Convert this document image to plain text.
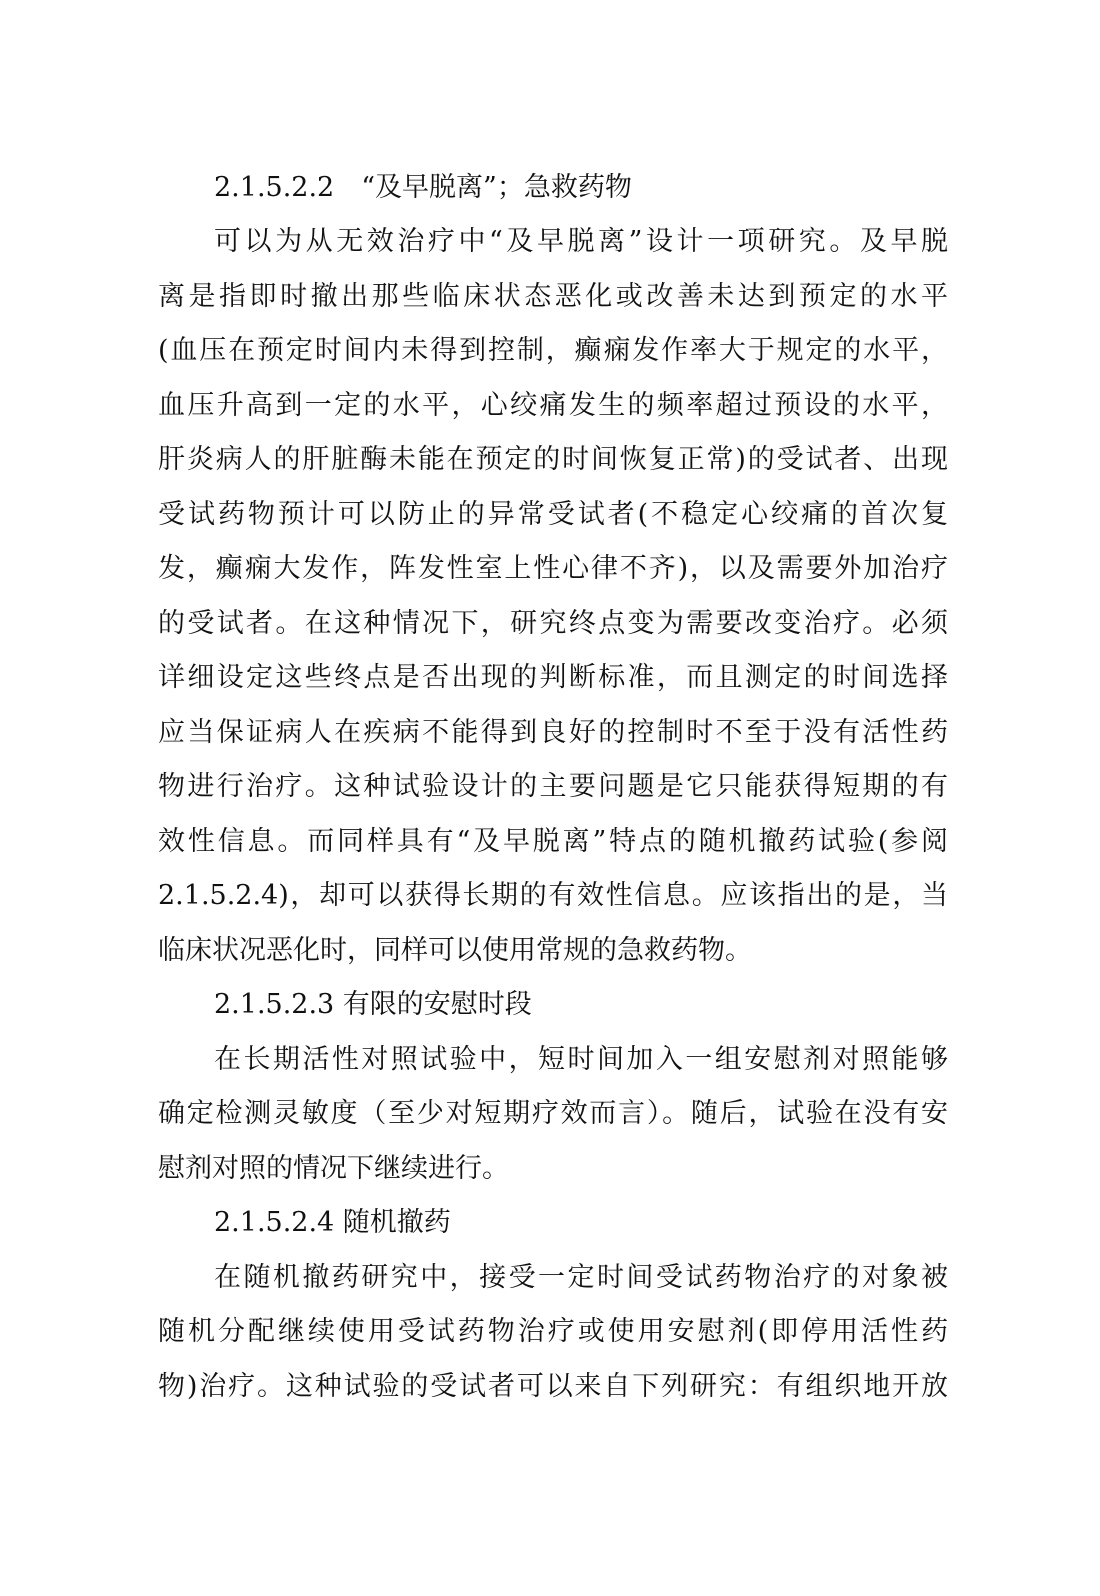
2.1.5.2.2　“及早脱离”；急救药物
可以为从无效治疗中“及早脱离”设计一项研究。及早脱
离是指即时撤出那些临床状态恶化或改善未达到预定的水平
(血压在预定时间内未得到控制，癫痫发作率大于规定的水平，
血压升高到一定的水平，心绞痛发生的频率超过预设的水平，
肝炎病人的肝脏酶未能在预定的时间恢复正常)的受试者、出现
受试药物预计可以防止的异常受试者(不稳定心绞痛的首次复
发，癫痫大发作，阵发性室上性心律不齐)，以及需要外加治疗
的受试者。在这种情况下，研究终点变为需要改变治疗。必须
详细设定这些终点是否出现的判断标准，而且测定的时间选择
应当保证病人在疾病不能得到良好的控制时不至于没有活性药
物进行治疗。这种试验设计的主要问题是它只能获得短期的有
效性信息。而同样具有“及早脱离”特点的随机撤药试验(参阅
2.1.5.2.4)，却可以获得长期的有效性信息。应该指出的是，当
临床状况恶化时，同样可以使用常规的急救药物。
2.1.5.2.3 有限的安慰时段
在长期活性对照试验中，短时间加入一组安慰剂对照能够
确定检测灵敏度（至少对短期疗效而言）。随后，试验在没有安
慰剂对照的情况下继续进行。
2.1.5.2.4 随机撤药
在随机撤药研究中，接受一定时间受试药物治疗的对象被
随机分配继续使用受试药物治疗或使用安慰剂(即停用活性药
物)治疗。这种试验的受试者可以来自下列研究：有组织地开放
